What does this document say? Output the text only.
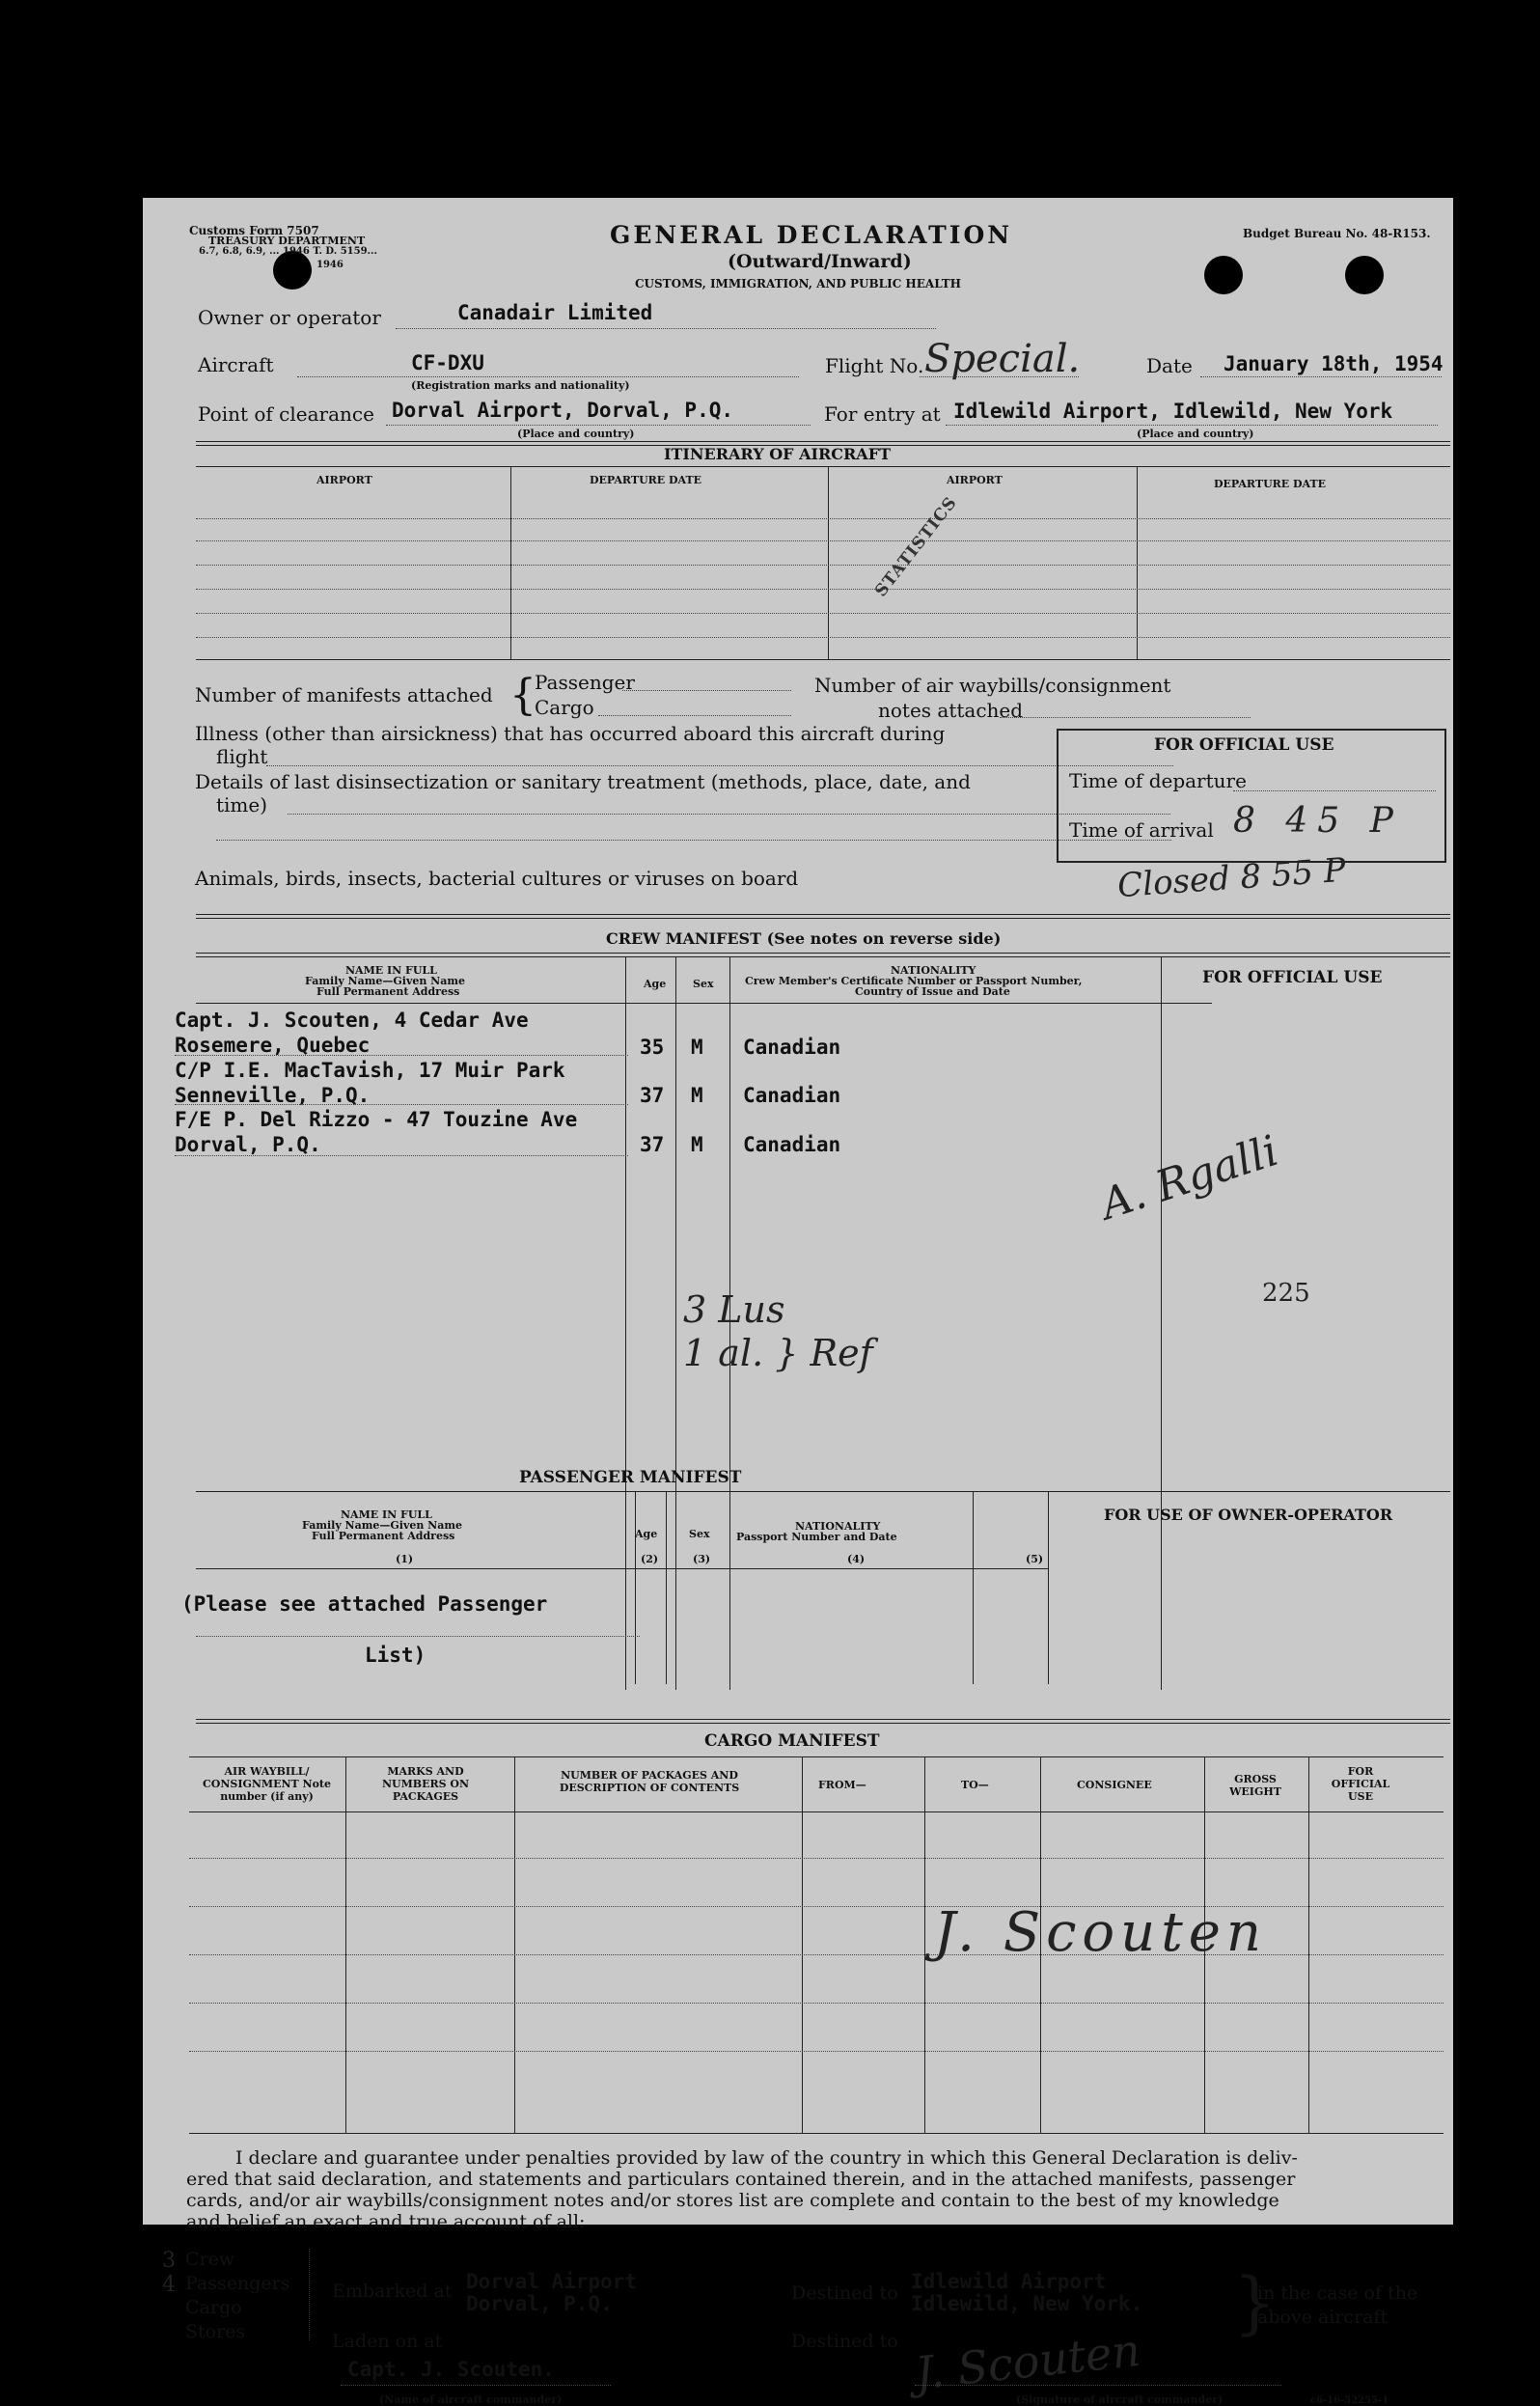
Customs Form 7507
TREASURY DEPARTMENT
6.7, 6.8, 6.9, ... 1946 T. D. 5159...
1946
GENERAL DECLARATION
(Outward/Inward)
CUSTOMS, IMMIGRATION, AND PUBLIC HEALTH
Budget Bureau No. 48-R153.
Owner or operator	Canadair Limited
Aircraft	CF-DXU
(Registration marks and nationality)
Flight No. Special.	Date January 18th, 1954
Point of clearance Dorval Airport, Dorval, P.Q.
(Place and country)
For entry at Idlewild Airport, Idlewild, New York
(Place and country)
ITINERARY OF AIRCRAFT
AIRPORT	DEPARTURE DATE	AIRPORT	DEPARTURE DATE
STATISTICS
Number of manifests attached {
Passenger
Cargo
Number of air waybills/consignment
notes attached
Illness (other than airsickness) that has occurred aboard this aircraft during
flight
Details of last disinsectization or sanitary treatment (methods, place, date, and
time)
Animals, birds, insects, bacterial cultures or viruses on board
FOR OFFICIAL USE
Time of departure
Time of arrival 8 45 P
Closed 8 55 P
CREW MANIFEST (See notes on reverse side)
NAME IN FULL
Family Name—Given Name
Full Permanent Address
Age	Sex
NATIONALITY
Crew Member's Certificate Number or Passport Number,
Country of Issue and Date
FOR OFFICIAL USE
Capt. J. Scouten, 4 Cedar Ave
Rosemere, Quebec	35 M Canadian
C/P I.E. MacTavish, 17 Muir Park
Senneville, P.Q.	37 M Canadian
F/E P. Del Rizzo - 47 Touzine Ave
Dorval, P.Q.	37 M Canadian	A. Rgalli
225
3 Lus
1 al. } Ref
PASSENGER MANIFEST
NAME IN FULL
Family Name—Given Name
Full Permanent Address
(1)
Age
(2)
Sex
(3)
NATIONALITY
Passport Number and Date
(4)	(5)
FOR USE OF OWNER-OPERATOR
(Please see attached Passenger
List)
CARGO MANIFEST
AIR WAYBILL/ CONSIGNMENT Note number (if any)
MARKS AND NUMBERS ON PACKAGES
NUMBER OF PACKAGES AND DESCRIPTION OF CONTENTS	FROM—	TO—	CONSIGNEE	GROSS WEIGHT
FOR OFFICIAL USE
J. Scouten
I declare and guarantee under penalties provided by law of the country in which this General Declaration is deliv-
ered that said declaration, and statements and particulars contained therein, and in the attached manifests, passenger
cards, and/or air waybills/consignment notes and/or stores list are complete and contain to the best of my knowledge
and belief an exact and true account of all:
3 Crew
4 Passengers
Cargo
Stores
Embarked at Dorval Airport
Dorval, P.Q.
Laden on at
Capt. J. Scouten.
(Name of aircraft commander)
Destined to Idlewild Airport
Idlewild, New York.
Destined to	}
in the case of the
above aircraft
J. Scouten
(Signature of aircraft commander)	c6-16-52255-1
